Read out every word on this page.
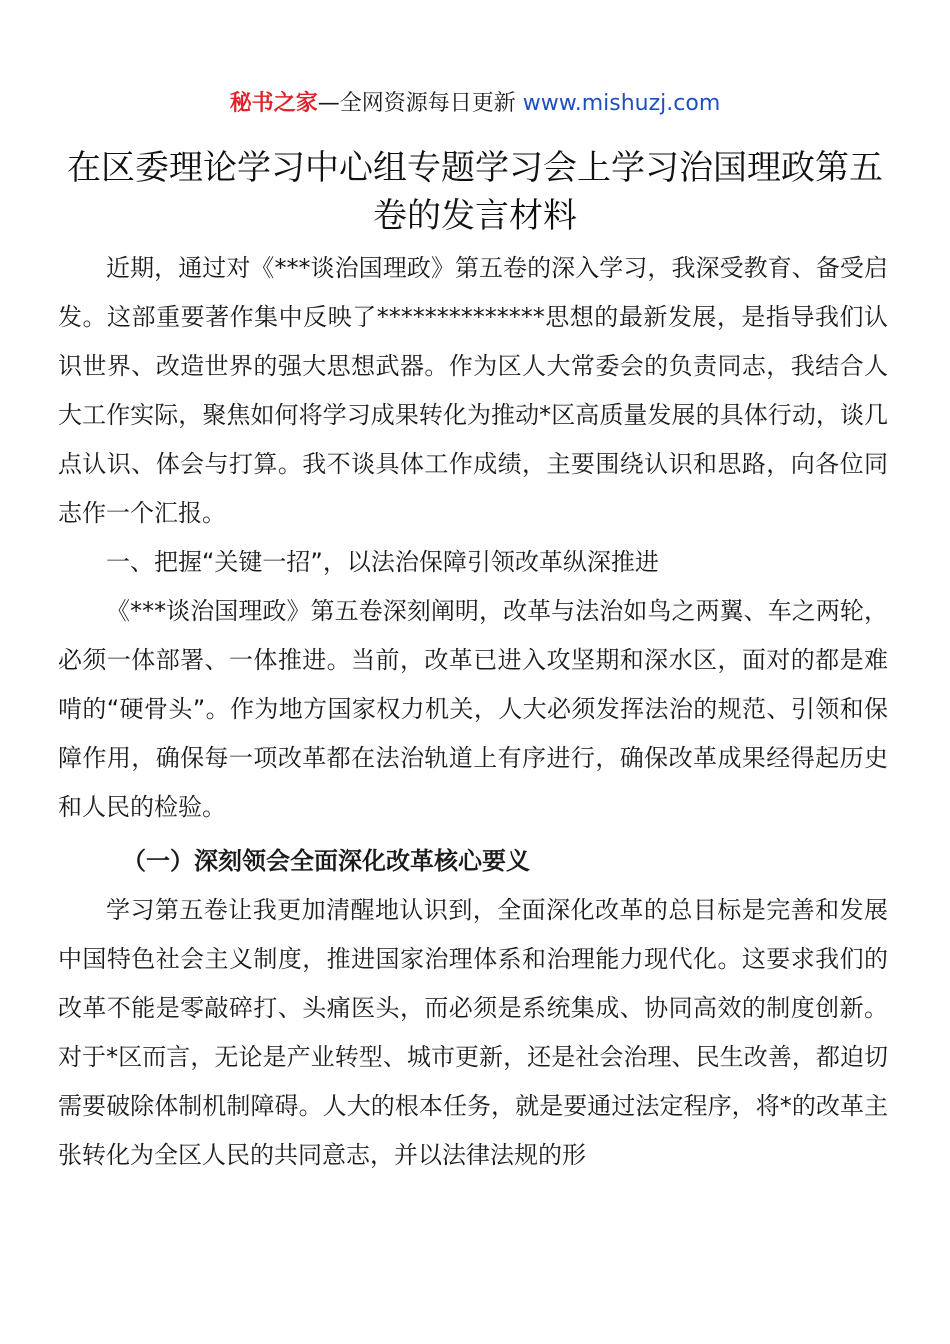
秘书之家—全网资源每日更新 www.mishuzj.com
在区委理论学习中心组专题学习会上学习治国理政第五卷的发言材料

近期，通过对《***谈治国理政》第五卷的深入学习，我深受教育、备受启发。这部重要著作集中反映了**************思想的最新发展，是指导我们认识世界、改造世界的强大思想武器。作为区人大常委会的负责同志，我结合人大工作实际，聚焦如何将学习成果转化为推动*区高质量发展的具体行动，谈几点认识、体会与打算。我不谈具体工作成绩，主要围绕认识和思路，向各位同志作一个汇报。

一、把握“关键一招”，以法治保障引领改革纵深推进

《***谈治国理政》第五卷深刻阐明，改革与法治如鸟之两翼、车之两轮，必须一体部署、一体推进。当前，改革已进入攻坚期和深水区，面对的都是难啃的“硬骨头”。作为地方国家权力机关，人大必须发挥法治的规范、引领和保障作用，确保每一项改革都在法治轨道上有序进行，确保改革成果经得起历史和人民的检验。

（一）深刻领会全面深化改革核心要义

学习第五卷让我更加清醒地认识到，全面深化改革的总目标是完善和发展中国特色社会主义制度，推进国家治理体系和治理能力现代化。这要求我们的改革不能是零敲碎打、头痛医头，而必须是系统集成、协同高效的制度创新。对于*区而言，无论是产业转型、城市更新，还是社会治理、民生改善，都迫切需要破除体制机制障碍。人大的根本任务，就是要通过法定程序，将*的改革主张转化为全区人民的共同意志，并以法律法规的形
